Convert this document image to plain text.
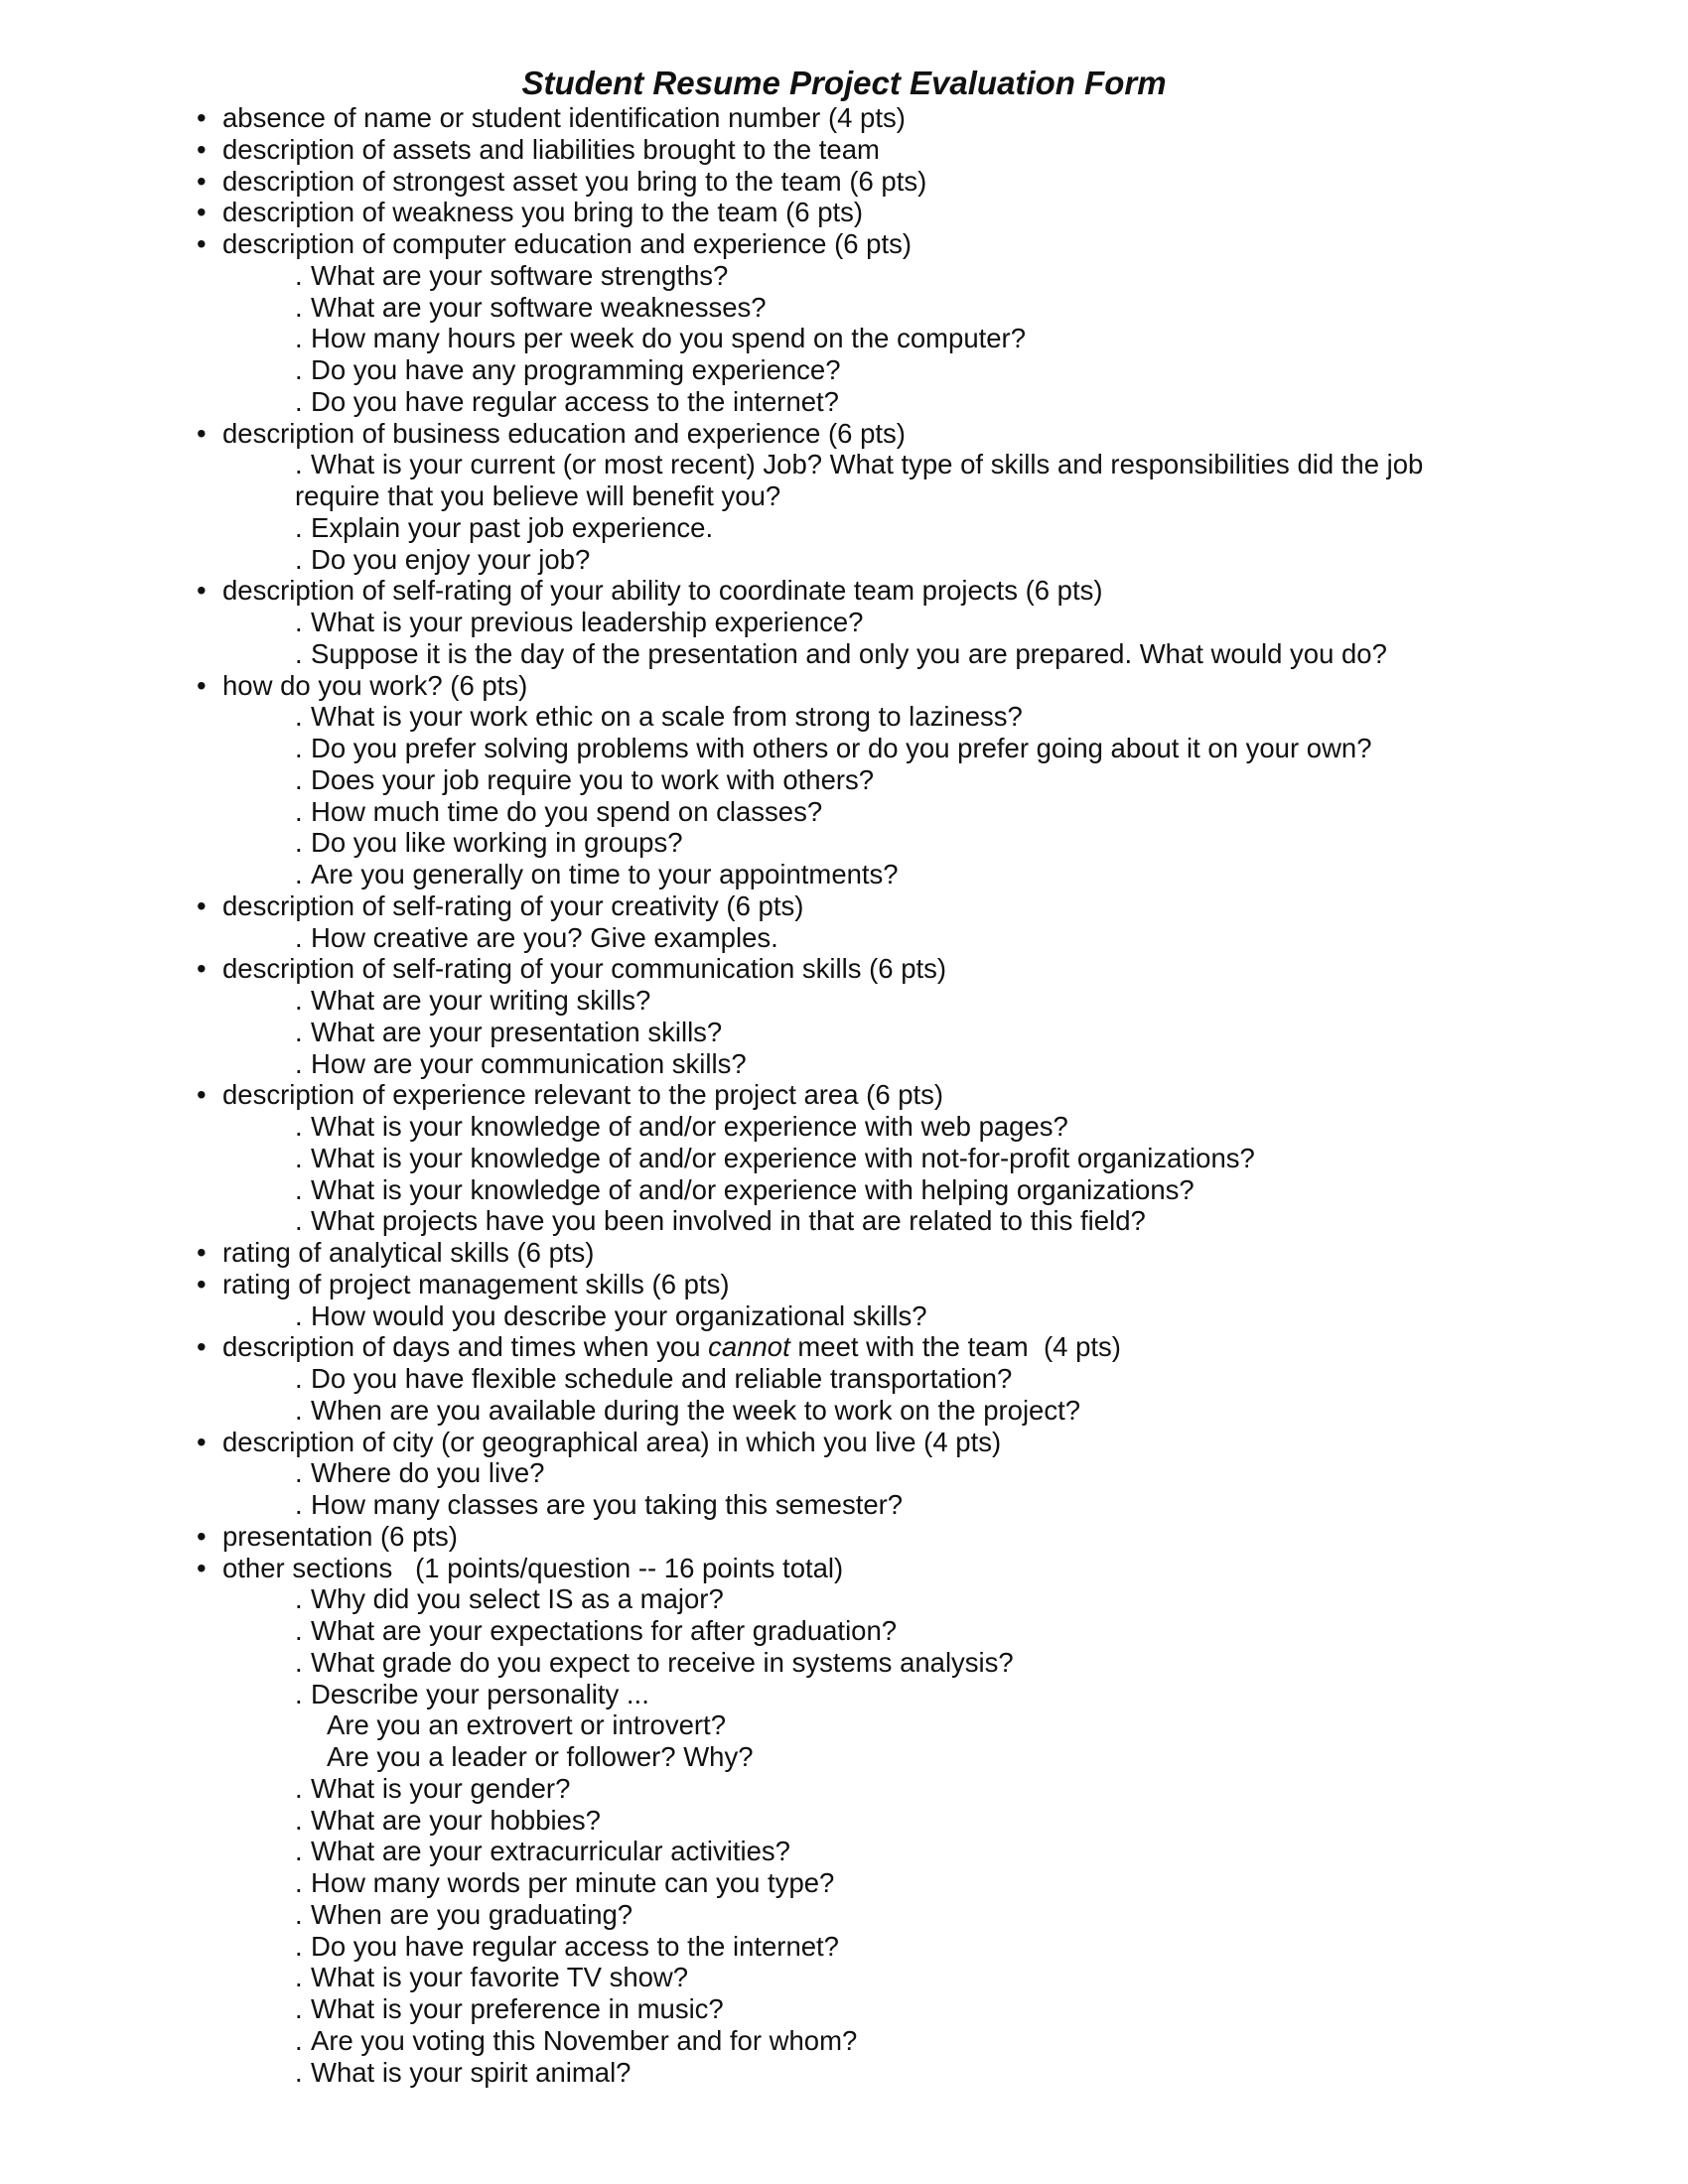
Student Resume Project Evaluation Form
• absence of name or student identification number (4 pts)
• description of assets and liabilities brought to the team
• description of strongest asset you bring to the team (6 pts)
• description of weakness you bring to the team (6 pts)
• description of computer education and experience (6 pts)
. What are your software strengths?
. What are your software weaknesses?
. How many hours per week do you spend on the computer?
. Do you have any programming experience?
. Do you have regular access to the internet?
• description of business education and experience (6 pts)
. What is your current (or most recent) Job? What type of skills and responsibilities did the job require that you believe will benefit you?
. Explain your past job experience.
. Do you enjoy your job?
• description of self-rating of your ability to coordinate team projects (6 pts)
. What is your previous leadership experience?
. Suppose it is the day of the presentation and only you are prepared. What would you do?
• how do you work? (6 pts)
. What is your work ethic on a scale from strong to laziness?
. Do you prefer solving problems with others or do you prefer going about it on your own?
. Does your job require you to work with others?
. How much time do you spend on classes?
. Do you like working in groups?
. Are you generally on time to your appointments?
• description of self-rating of your creativity (6 pts)
. How creative are you? Give examples.
• description of self-rating of your communication skills (6 pts)
. What are your writing skills?
. What are your presentation skills?
. How are your communication skills?
• description of experience relevant to the project area (6 pts)
. What is your knowledge of and/or experience with web pages?
. What is your knowledge of and/or experience with not-for-profit organizations?
. What is your knowledge of and/or experience with helping organizations?
. What projects have you been involved in that are related to this field?
• rating of analytical skills (6 pts)
• rating of project management skills (6 pts)
. How would you describe your organizational skills?
• description of days and times when you cannot meet with the team  (4 pts)
. Do you have flexible schedule and reliable transportation?
. When are you available during the week to work on the project?
• description of city (or geographical area) in which you live (4 pts)
. Where do you live?
. How many classes are you taking this semester?
• presentation (6 pts)
• other sections   (1 points/question -- 16 points total)
. Why did you select IS as a major?
. What are your expectations for after graduation?
. What grade do you expect to receive in systems analysis?
. Describe your personality ...
Are you an extrovert or introvert?
Are you a leader or follower? Why?
. What is your gender?
. What are your hobbies?
. What are your extracurricular activities?
. How many words per minute can you type?
. When are you graduating?
. Do you have regular access to the internet?
. What is your favorite TV show?
. What is your preference in music?
. Are you voting this November and for whom?
. What is your spirit animal?
